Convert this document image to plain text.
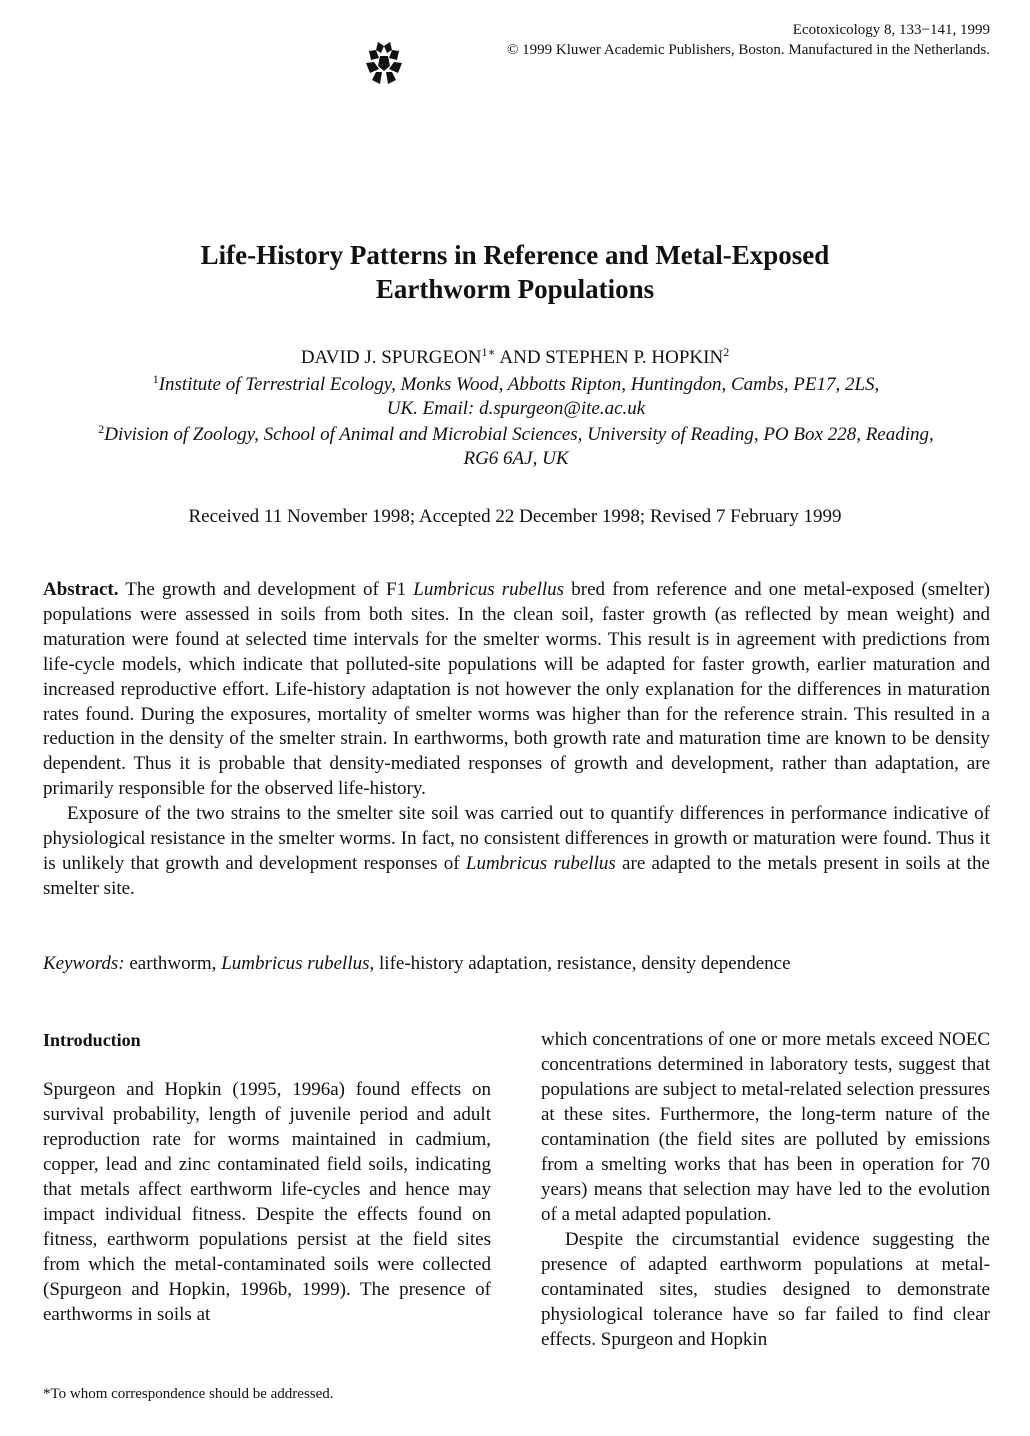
Ecotoxicology 8, 133−141, 1999
© 1999 Kluwer Academic Publishers, Boston. Manufactured in the Netherlands.
Life-History Patterns in Reference and Metal-Exposed
Earthworm Populations
DAVID J. $SPURGEON^{1∗}$ AND STEPHEN P. HOPKIN$^2$
$^1$Institute of Terrestrial Ecology, Monks Wood, Abbotts Ripton, Huntingdon, Cambs, PE17, 2LS,
UK. Email: d.spurgeon@ite.ac.uk
$^2$Division of Zoology, School of Animal and Microbial Sciences, University of Reading, PO Box 228, Reading,
RG6 6AJ, UK
Received 11 November 1998; Accepted 22 December 1998; Revised 7 February 1999

Abstract. The growth and development of F1 Lumbricus rubellus bred from reference and one metal-exposed (smelter) populations were assessed in soils from both sites. In the clean soil, faster growth (as reflected by mean weight) and maturation were found at selected time intervals for the smelter worms. This result is in agreement with predictions from life-cycle models, which indicate that polluted-site populations will be adapted for faster growth, earlier maturation and increased reproductive effort. Life-history adaptation is not however the only explanation for the differences in maturation rates found. During the exposures, mortality of smelter worms was higher than for the reference strain. This resulted in a reduction in the density of the smelter strain. In earthworms, both growth rate and maturation time are known to be density dependent. Thus it is probable that density-mediated responses of growth and development, rather than adaptation, are primarily responsible for the observed life-history.

Exposure of the two strains to the smelter site soil was carried out to quantify differences in performance indicative of physiological resistance in the smelter worms. In fact, no consistent differences in growth or maturation were found. Thus it is unlikely that growth and development responses of Lumbricus rubellus are adapted to the metals present in soils at the smelter site.

Keywords: earthworm, Lumbricus rubellus, life-history adaptation, resistance, density dependence
Introduction

Spurgeon and Hopkin (1995, 1996a) found effects on survival probability, length of juvenile period and adult reproduction rate for worms maintained in cadmium, copper, lead and zinc contaminated field soils, indicating that metals affect earthworm life-cycles and hence may impact individual fitness. Despite the effects found on fitness, earthworm populations persist at the field sites from which the metal-contaminated soils were collected (Spurgeon and Hopkin, 1996b, 1999). The presence of earthworms in soils at

which concentrations of one or more metals exceed NOEC concentrations determined in laboratory tests, suggest that populations are subject to metal-related selection pressures at these sites. Furthermore, the long-term nature of the contamination (the field sites are polluted by emissions from a smelting works that has been in operation for 70 years) means that selection may have led to the evolution of a metal adapted population.

Despite the circumstantial evidence suggesting the presence of adapted earthworm populations at metal-contaminated sites, studies designed to demonstrate physiological tolerance have so far failed to find clear effects. Spurgeon and Hopkin

*To whom correspondence should be addressed.
